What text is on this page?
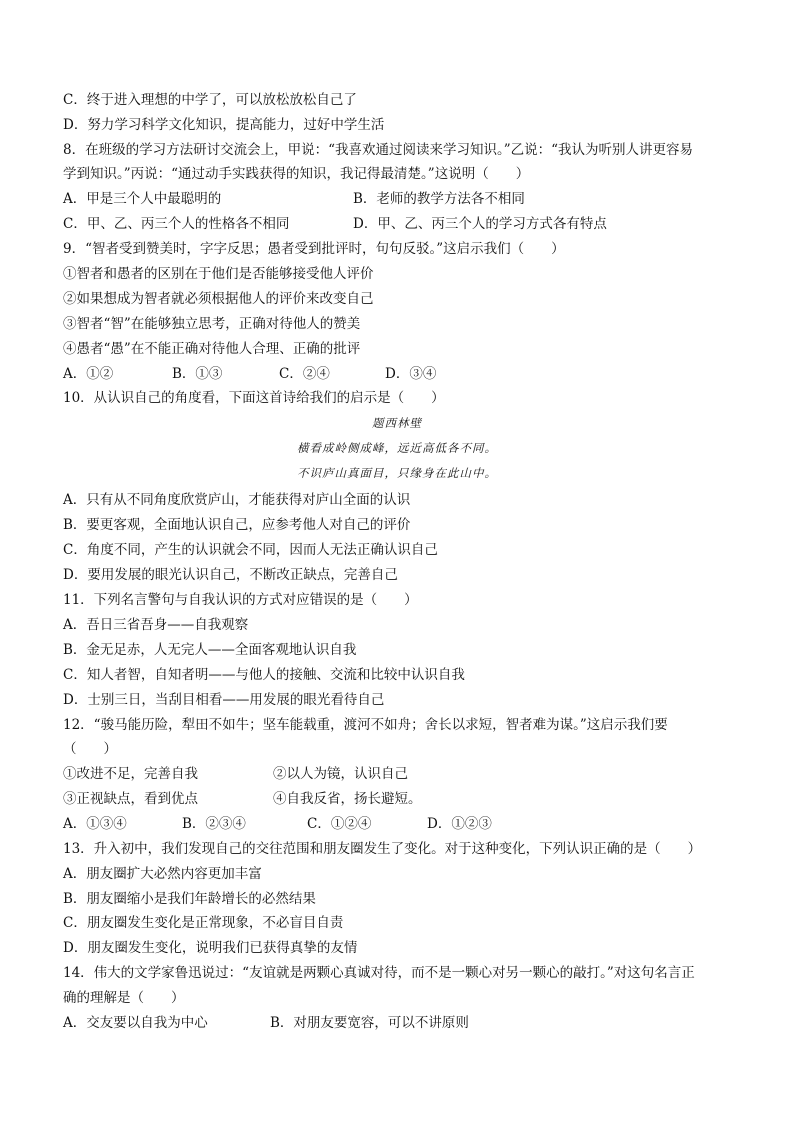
C．终于进入理想的中学了，可以放松放松自己了
D．努力学习科学文化知识，提高能力，过好中学生活
8．在班级的学习方法研讨交流会上，甲说：“我喜欢通过阅读来学习知识。”乙说：“我认为听别人讲更容易
学到知识。”丙说：“通过动手实践获得的知识，我记得最清楚。”这说明（　　）
A．甲是三个人中最聪明的	B．老师的教学方法各不相同
C．甲、乙、丙三个人的性格各不相同	D．甲、乙、丙三个人的学习方式各有特点
9．“智者受到赞美时，字字反思；愚者受到批评时，句句反驳。”这启示我们（　　）
①智者和愚者的区别在于他们是否能够接受他人评价
②如果想成为智者就必须根据他人的评价来改变自己
③智者“智”在能够独立思考，正确对待他人的赞美
④愚者“愚”在不能正确对待他人合理、正确的批评
A．①②	B．①③	C．②④	D．③④
10．从认识自己的角度看，下面这首诗给我们的启示是（　　）
题西林壁
横看成岭侧成峰，远近高低各不同。
不识庐山真面目，只缘身在此山中。
A．只有从不同角度欣赏庐山，才能获得对庐山全面的认识
B．要更客观，全面地认识自己，应参考他人对自己的评价
C．角度不同，产生的认识就会不同，因而人无法正确认识自己
D．要用发展的眼光认识自己，不断改正缺点，完善自己
11．下列名言警句与自我认识的方式对应错误的是（　　）
A．吾日三省吾身——自我观察
B．金无足赤，人无完人——全面客观地认识自我
C．知人者智，自知者明——与他人的接触、交流和比较中认识自我
D．士别三日，当刮目相看——用发展的眼光看待自己
12．“骏马能历险，犁田不如牛；坚车能载重，渡河不如舟；舍长以求短，智者难为谋。”这启示我们要
（　　）
①改进不足，完善自我	②以人为镜，认识自己
③正视缺点，看到优点	④自我反省，扬长避短。
A．①③④	B．②③④	C．①②④	D．①②③
13．升入初中，我们发现自己的交往范围和朋友圈发生了变化。对于这种变化，下列认识正确的是（　　）
A．朋友圈扩大必然内容更加丰富
B．朋友圈缩小是我们年龄增长的必然结果
C．朋友圈发生变化是正常现象，不必盲目自责
D．朋友圈发生变化，说明我们已获得真挚的友情
14．伟大的文学家鲁迅说过：“友谊就是两颗心真诚对待，而不是一颗心对另一颗心的敲打。”对这句名言正
确的理解是（　　）
A．交友要以自我为中心	B．对朋友要宽容，可以不讲原则
